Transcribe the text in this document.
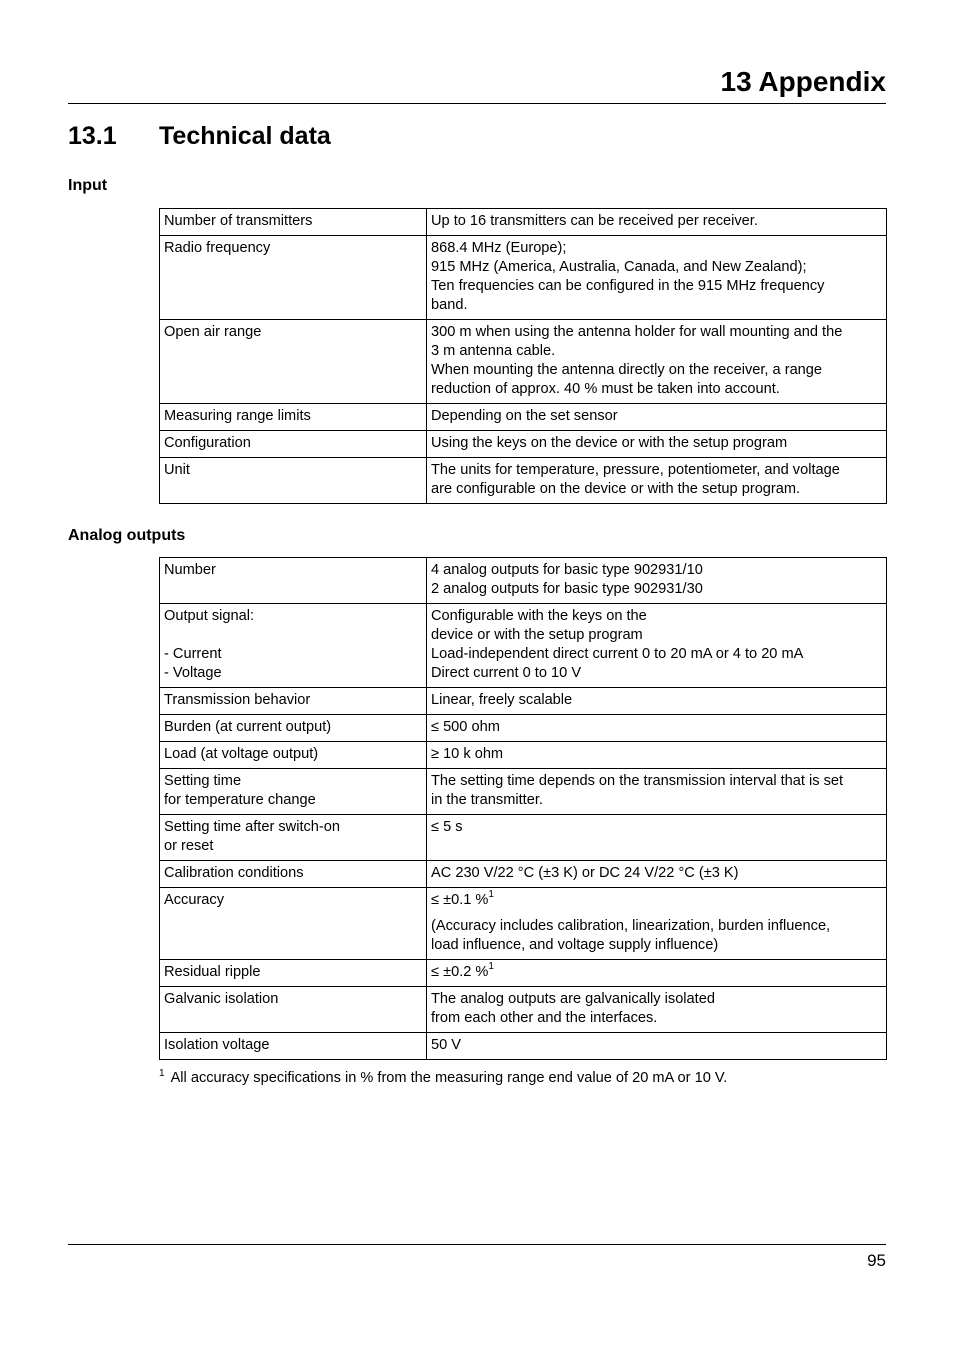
13 Appendix
13.1 Technical data
Input
Number of transmitters	Up to 16 transmitters can be received per receiver.

Radio frequency	868.4 MHz (Europe);
915 MHz (America, Australia, Canada, and New Zealand);
Ten frequencies can be configured in the 915 MHz frequency
band.

Open air range	300 m when using the antenna holder for wall mounting and the
3 m antenna cable.
When mounting the antenna directly on the receiver, a range
reduction of approx. 40 % must be taken into account.

Measuring range limits	Depending on the set sensor

Configuration	Using the keys on the device or with the setup program

Unit	The units for temperature, pressure, potentiometer, and voltage
are configurable on the device or with the setup program.
Analog outputs
Number	4 analog outputs for basic type 902931/10
2 analog outputs for basic type 902931/30

Output signal:
- Current
- Voltage	Configurable with the keys on the
device or with the setup program
Load-independent direct current 0 to 20 mA or 4 to 20 mA
Direct current 0 to 10 V

Transmission behavior	Linear, freely scalable

Burden (at current output)	≤ 500 ohm

Load (at voltage output)	≥ 10 k ohm

Setting time
for temperature change	The setting time depends on the transmission interval that is set
in the transmitter.

Setting time after switch-on
or reset	≤ 5 s

Calibration conditions	AC 230 V/22 °C (±3 K) or DC 24 V/22 °C (±3 K)

Accuracy	≤ ±0.1 %$^1$
(Accuracy includes calibration, linearization, burden influence,
load influence, and voltage supply influence)

Residual ripple	≤ ±0.2 %$^1$

Galvanic isolation	The analog outputs are galvanically isolated
from each other and the interfaces.

Isolation voltage	50 V
$^1$ All accuracy specifications in % from the measuring range end value of 20 mA or 10 V.
95
